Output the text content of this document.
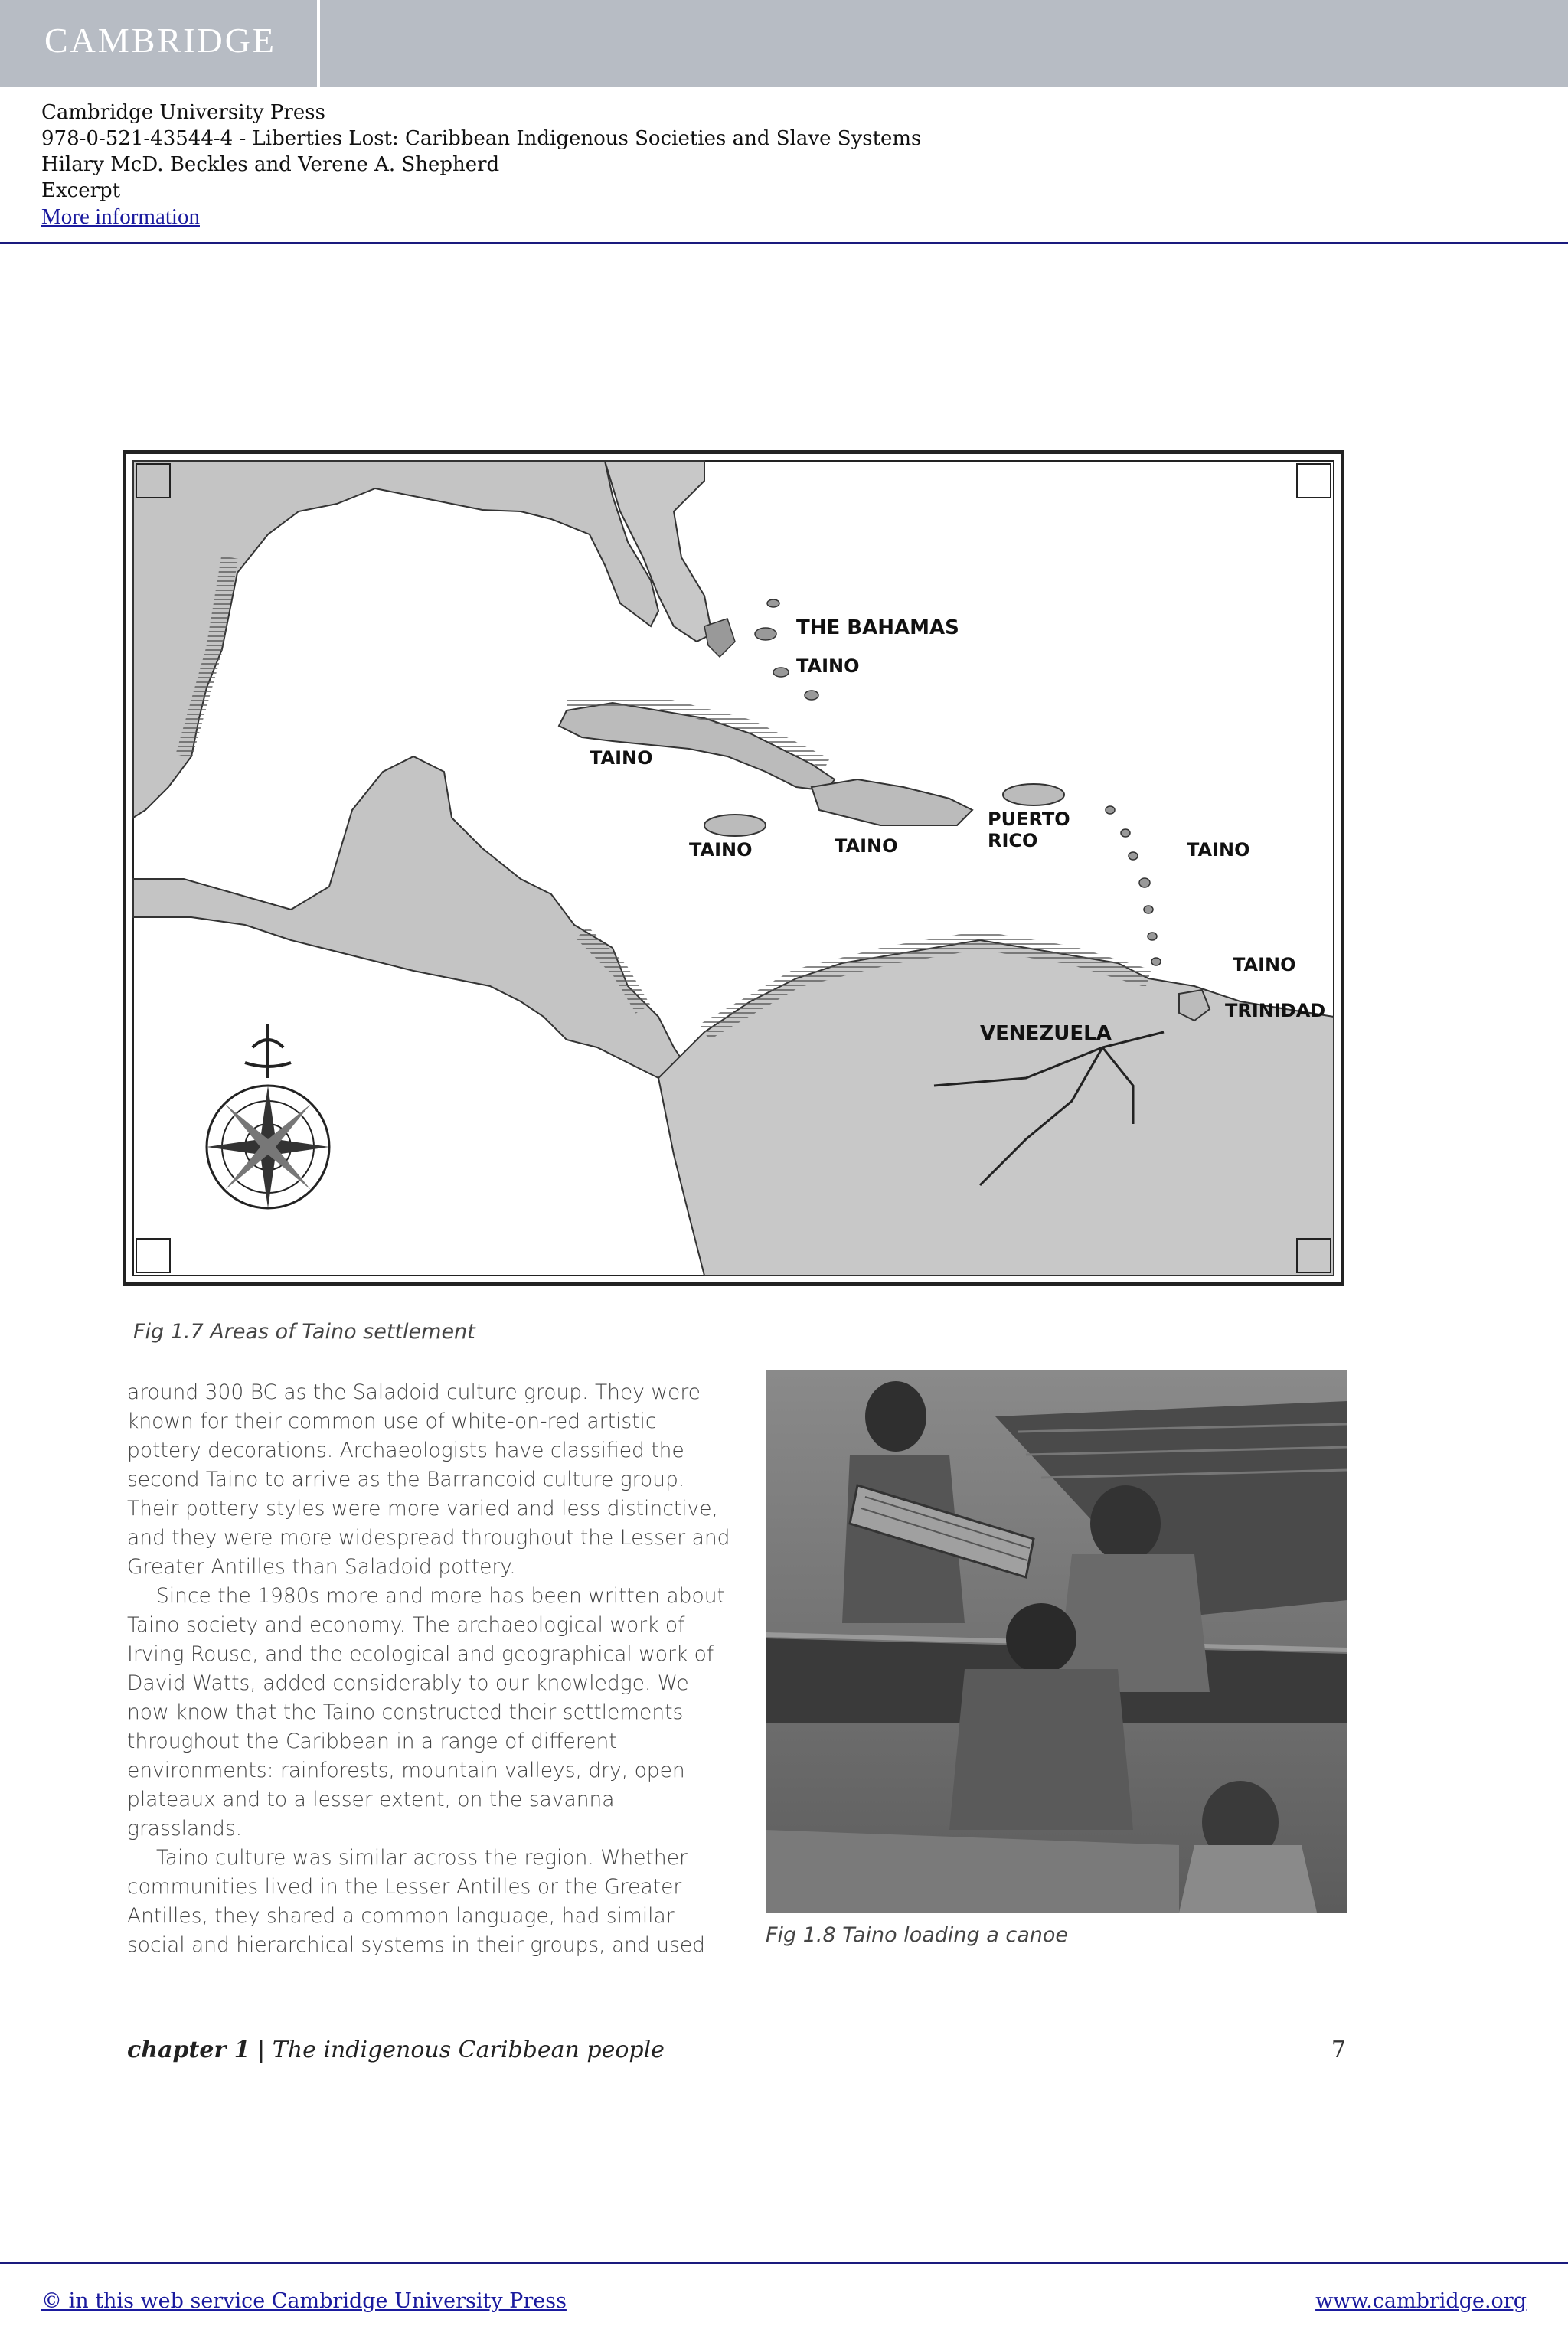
CAMBRIDGE
Cambridge University Press
978-0-521-43544-4 - Liberties Lost: Caribbean Indigenous Societies and Slave Systems
Hilary McD. Beckles and Verene A. Shepherd
Excerpt
More information
THE BAHAMAS
TAINO
TAINO
TAINO	TAINO
PUERTO
RICO	TAINO
TAINO
TRINIDAD
VENEZUELA
Fig 1.7 Areas of Taino settlement

around 300 BC as the Saladoid culture group. They were known for their common use of white-on-red artistic pottery decorations. Archaeologists have classified the second Taino to arrive as the Barrancoid culture group. Their pottery styles were more varied and less distinctive, and they were more widespread throughout the Lesser and Greater Antilles than Saladoid pottery.

Since the 1980s more and more has been written about Taino society and economy. The archaeological work of Irving Rouse, and the ecological and geographical work of David Watts, added considerably to our knowledge. We now know that the Taino constructed their settlements throughout the Caribbean in a range of different environments: rainforests, mountain valleys, dry, open plateaux and to a lesser extent, on the savanna grasslands.

Taino culture was similar across the region. Whether communities lived in the Lesser Antilles or the Greater Antilles, they shared a common language, had similar social and hierarchical systems in their groups, and used	Fig 1.8 Taino loading a canoe
chapter 1 | The indigenous Caribbean people	7
© in this web service Cambridge University Press	www.cambridge.org
